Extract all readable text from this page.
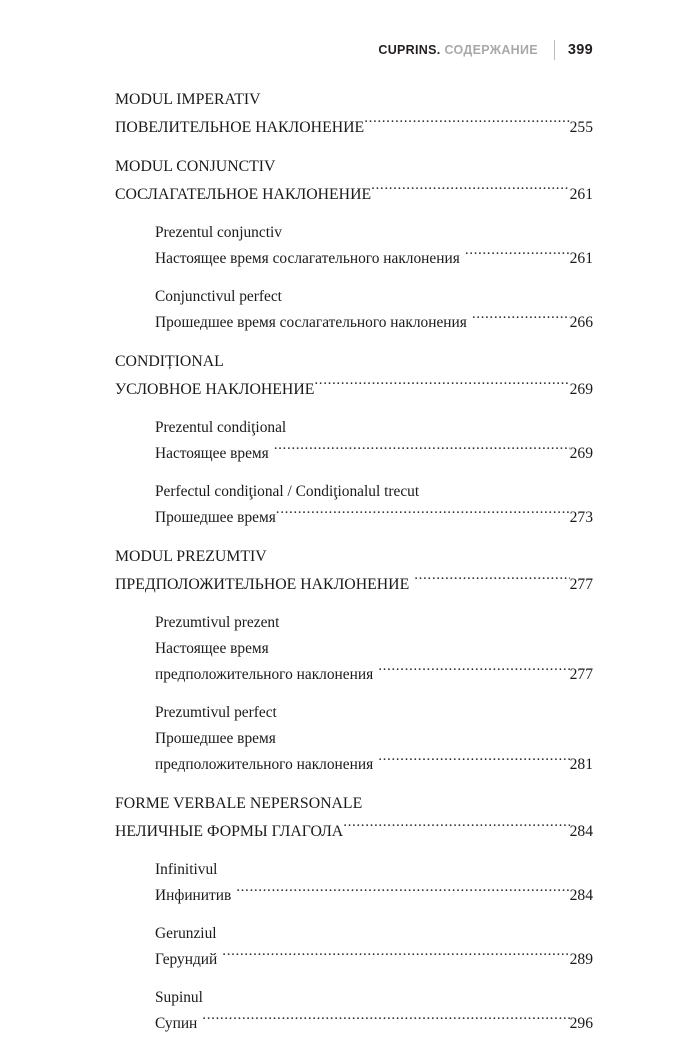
CUPRINS. СОДЕРЖАНИЕ 399
MODUL IMPERATIV
ПОВЕЛИТЕЛЬНОЕ НАКЛОНЕНИЕ .....	255
MODUL CONJUNCTIV
СОСЛАГАТЕЛЬНОЕ НАКЛОНЕНИЕ .....	261
Prezentul conjunctiv
Настоящее время сослагательного наклонения .....	261
Conjunctivul perfect
Прошедшее время сослагательного наклонения .....	266
CONDIȚIONAL
УСЛОВНОЕ НАКЛОНЕНИЕ .....	269
Prezentul condiţional
Настоящее время .....	269
Perfectul condiţional / Condiţionalul trecut
Прошедшее время .....	273
MODUL PREZUMTIV
ПРЕДПОЛОЖИТЕЛЬНОЕ НАКЛОНЕНИЕ .....	277
Prezumtivul prezent
Настоящее время
предположительного наклонения .....	277
Prezumtivul perfect
Прошедшее время
предположительного наклонения .....	281
FORME VERBALE NEPERSONALE
НЕЛИЧНЫЕ ФОРМЫ ГЛАГОЛА .....	284
Infinitivul
Инфинитив .....	284
Gerunziul
Герундий .....	289
Supinul
Супин .....	296
